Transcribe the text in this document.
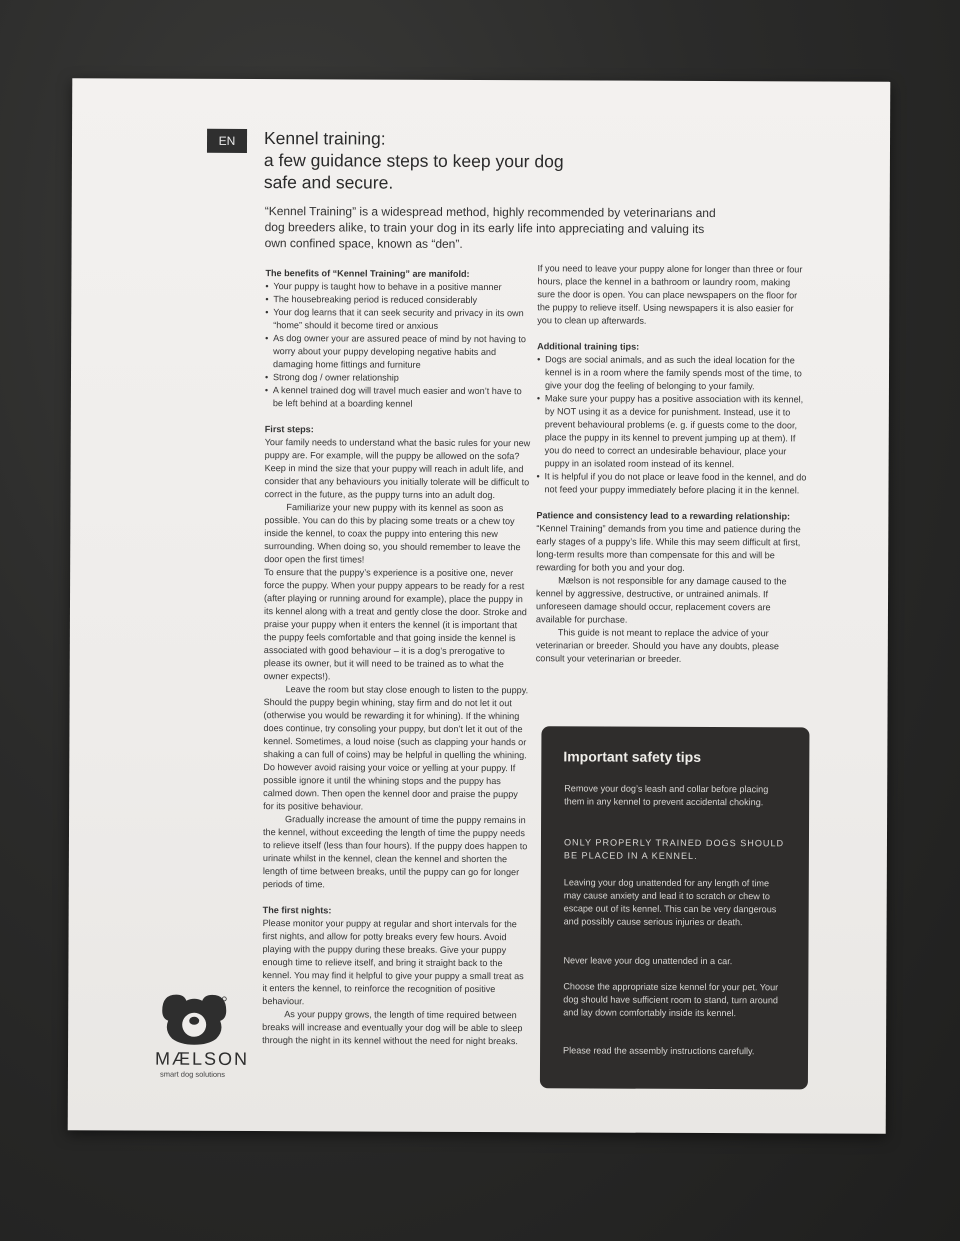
EN	Kennel training:
a few guidance steps to keep your dog
safe and secure.
“Kennel Training” is a widespread method, highly recommended by veterinarians and dog breeders alike, to train your dog in its early life into appreciating and valuing its own confined space, known as “den”.
The benefits of “Kennel Training” are manifold:
• Your puppy is taught how to behave in a positive manner
• The housebreaking period is reduced considerably
• Your dog learns that it can seek security and privacy in its own “home” should it become tired or anxious
• As dog owner your are assured peace of mind by not having to worry about your puppy developing negative habits and damaging home fittings and furniture
• Strong dog / owner relationship
• A kennel trained dog will travel much easier and won’t have to be left behind at a boarding kennel
First steps:

Your family needs to understand what the basic rules for your new puppy are. For example, will the puppy be allowed on the sofa? Keep in mind the size that your puppy will reach in adult life, and consider that any behaviours you initially tolerate will be difficult to correct in the future, as the puppy turns into an adult dog.

Familiarize your new puppy with its kennel as soon as possible. You can do this by placing some treats or a chew toy inside the kennel, to coax the puppy into entering this new surrounding. When doing so, you should remember to leave the door open the first times!

To ensure that the puppy’s experience is a positive one, never force the puppy. When your puppy appears to be ready for a rest (after playing or running around for example), place the puppy in its kennel along with a treat and gently close the door. Stroke and praise your puppy when it enters the kennel (it is important that the puppy feels comfortable and that going inside the kennel is associated with good behaviour – it is a dog’s prerogative to please its owner, but it will need to be trained as to what the owner expects!).

Leave the room but stay close enough to listen to the puppy. Should the puppy begin whining, stay firm and do not let it out (otherwise you would be rewarding it for whining). If the whining does continue, try consoling your puppy, but don’t let it out of the kennel. Sometimes, a loud noise (such as clapping your hands or shaking a can full of coins) may be helpful in quelling the whining. Do however avoid raising your voice or yelling at your puppy. If possible ignore it until the whining stops and the puppy has calmed down. Then open the kennel door and praise the puppy for its positive behaviour.

Gradually increase the amount of time the puppy remains in the kennel, without exceeding the length of time the puppy needs to relieve itself (less than four hours). If the puppy does happen to urinate whilst in the kennel, clean the kennel and shorten the length of time between breaks, until the puppy can go for longer periods of time.

The first nights:

Please monitor your puppy at regular and short intervals for the first nights, and allow for potty breaks every few hours. Avoid playing with the puppy during these breaks. Give your puppy enough time to relieve itself, and bring it straight back to the kennel. You may find it helpful to give your puppy a small treat as it enters the kennel, to reinforce the recognition of positive behaviour.

As your puppy grows, the length of time required between breaks will increase and eventually your dog will be able to sleep through the night in its kennel without the need for night breaks.

If you need to leave your puppy alone for longer than three or four hours, place the kennel in a bathroom or laundry room, making sure the door is open. You can place newspapers on the floor for the puppy to relieve itself. Using newspapers it is also easier for you to clean up afterwards.

Additional training tips:
• Dogs are social animals, and as such the ideal location for the kennel is in a room where the family spends most of the time, to give your dog the feeling of belonging to your family.
• Make sure your puppy has a positive association with its kennel, by NOT using it as a device for punishment. Instead, use it to prevent behavioural problems (e. g. if guests come to the door, place the puppy in its kennel to prevent jumping up at them). If you do need to correct an undesirable behaviour, place your puppy in an isolated room instead of its kennel.
• It is helpful if you do not place or leave food in the kennel, and do not feed your puppy immediately before placing it in the kennel.
Patience and consistency lead to a rewarding relationship:

“Kennel Training” demands from you time and patience during the early stages of a puppy’s life. While this may seem difficult at first, long-term results more than compensate for this and will be rewarding for both you and your dog.

Mælson is not responsible for any damage caused to the kennel by aggressive, destructive, or untrained animals. If unforeseen damage should occur, replacement covers are available for purchase.

This guide is not meant to replace the advice of your veterinarian or breeder. Should you have any doubts, please consult your veterinarian or breeder.

Important safety tips

Remove your dog’s leash and collar before placing them in any kennel to prevent accidental choking.

ONLY PROPERLY TRAINED DOGS SHOULD BE PLACED IN A KENNEL.

Leaving your dog unattended for any length of time may cause anxiety and lead it to scratch or chew to escape out of its kennel. This can be very dangerous and possibly cause serious injuries or death.

Never leave your dog unattended in a car.

Choose the appropriate size kennel for your pet. Your dog should have sufficient room to stand, turn around and lay down comfortably inside its kennel.

Please read the assembly instructions carefully.

MÆLSON
smart dog solutions
